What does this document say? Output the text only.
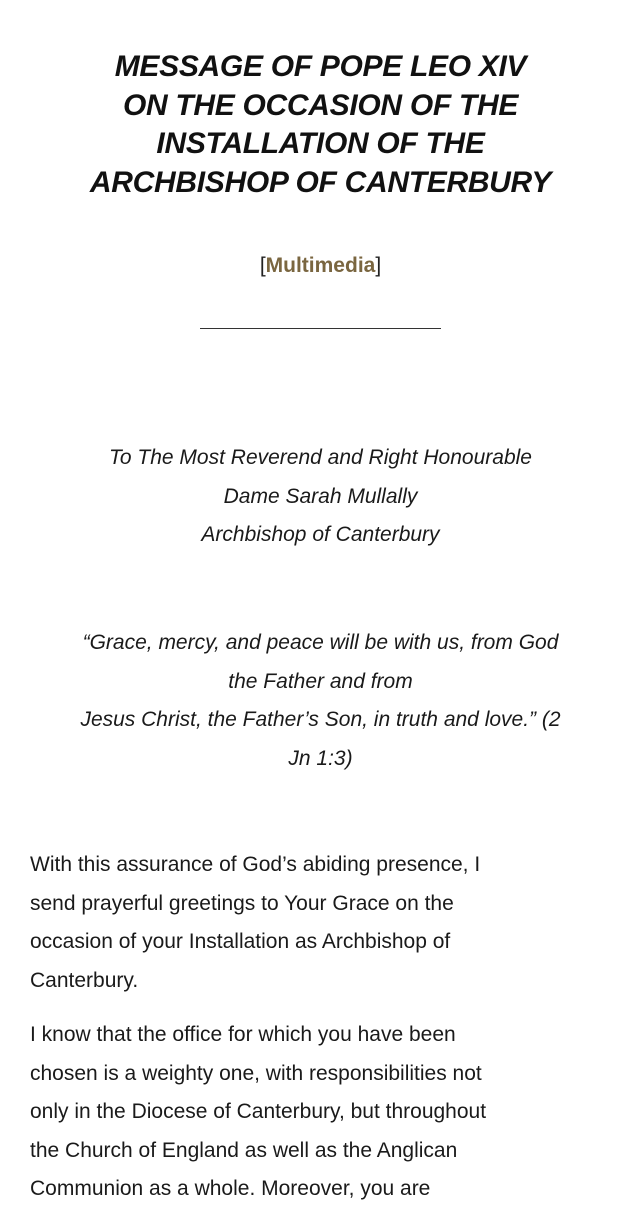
MESSAGE OF POPE LEO XIV
ON THE OCCASION OF THE
INSTALLATION OF THE
ARCHBISHOP OF CANTERBURY
[Multimedia]

To The Most Reverend and Right Honourable
Dame Sarah Mullally
Archbishop of Canterbury

“Grace, mercy, and peace will be with us, from God
the Father and from
Jesus Christ, the Father’s Son, in truth and love.” (2
Jn 1:3)

With this assurance of God’s abiding presence, I
send prayerful greetings to Your Grace on the
occasion of your Installation as Archbishop of
Canterbury.

I know that the office for which you have been
chosen is a weighty one, with responsibilities not
only in the Diocese of Canterbury, but throughout
the Church of England as well as the Anglican
Communion as a whole. Moreover, you are
